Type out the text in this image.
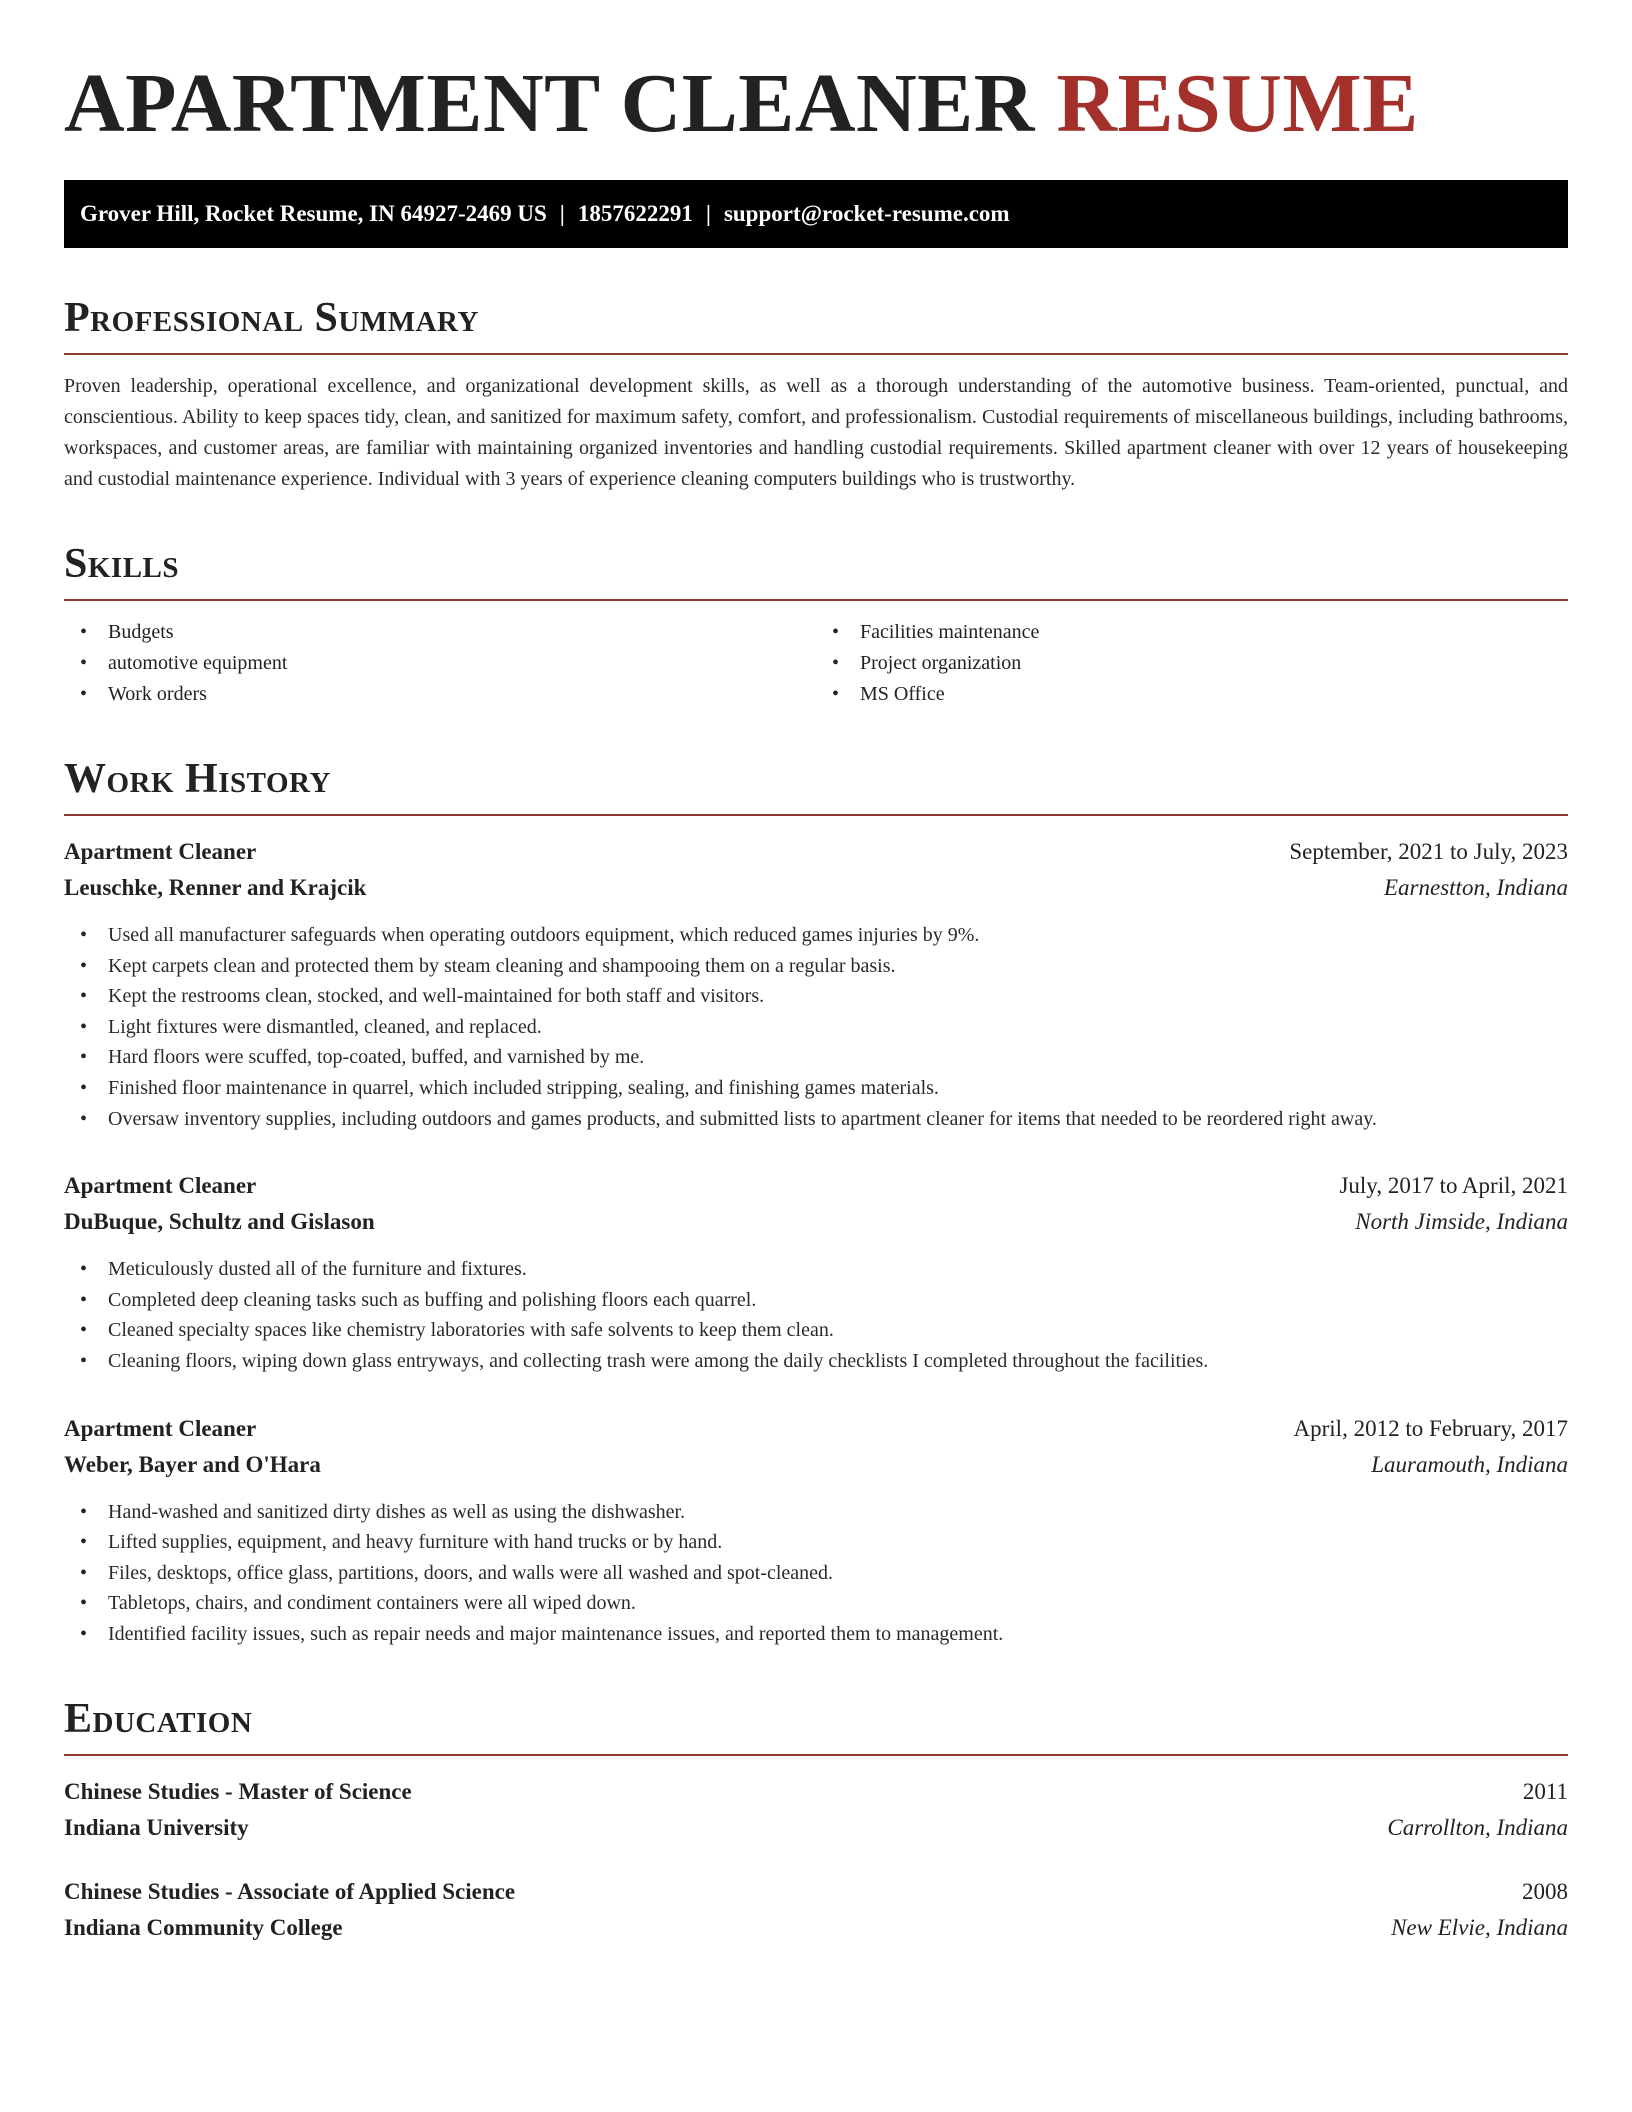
APARTMENT CLEANER RESUME
Grover Hill, Rocket Resume, IN 64927-2469 US | 1857622291 | support@rocket-resume.com
Professional Summary
Proven leadership, operational excellence, and organizational development skills, as well as a thorough understanding of the automotive business. Team-oriented, punctual, and conscientious. Ability to keep spaces tidy, clean, and sanitized for maximum safety, comfort, and professionalism. Custodial requirements of miscellaneous buildings, including bathrooms, workspaces, and customer areas, are familiar with maintaining organized inventories and handling custodial requirements. Skilled apartment cleaner with over 12 years of housekeeping and custodial maintenance experience. Individual with 3 years of experience cleaning computers buildings who is trustworthy.
Skills
• Budgets
• automotive equipment
• Work orders
• Facilities maintenance
• Project organization
• MS Office
Work History
Apartment Cleaner	September, 2021 to July, 2023
Leuschke, Renner and Krajcik	Earnestton, Indiana
• Used all manufacturer safeguards when operating outdoors equipment, which reduced games injuries by 9%.
• Kept carpets clean and protected them by steam cleaning and shampooing them on a regular basis.
• Kept the restrooms clean, stocked, and well-maintained for both staff and visitors.
• Light fixtures were dismantled, cleaned, and replaced.
• Hard floors were scuffed, top-coated, buffed, and varnished by me.
• Finished floor maintenance in quarrel, which included stripping, sealing, and finishing games materials.
• Oversaw inventory supplies, including outdoors and games products, and submitted lists to apartment cleaner for items that needed to be reordered right away.
Apartment Cleaner	July, 2017 to April, 2021
DuBuque, Schultz and Gislason	North Jimside, Indiana
• Meticulously dusted all of the furniture and fixtures.
• Completed deep cleaning tasks such as buffing and polishing floors each quarrel.
• Cleaned specialty spaces like chemistry laboratories with safe solvents to keep them clean.
• Cleaning floors, wiping down glass entryways, and collecting trash were among the daily checklists I completed throughout the facilities.
Apartment Cleaner	April, 2012 to February, 2017
Weber, Bayer and O'Hara	Lauramouth, Indiana
• Hand-washed and sanitized dirty dishes as well as using the dishwasher.
• Lifted supplies, equipment, and heavy furniture with hand trucks or by hand.
• Files, desktops, office glass, partitions, doors, and walls were all washed and spot-cleaned.
• Tabletops, chairs, and condiment containers were all wiped down.
• Identified facility issues, such as repair needs and major maintenance issues, and reported them to management.
Education
Chinese Studies - Master of Science	2011
Indiana University	Carrollton, Indiana
Chinese Studies - Associate of Applied Science	2008
Indiana Community College	New Elvie, Indiana
